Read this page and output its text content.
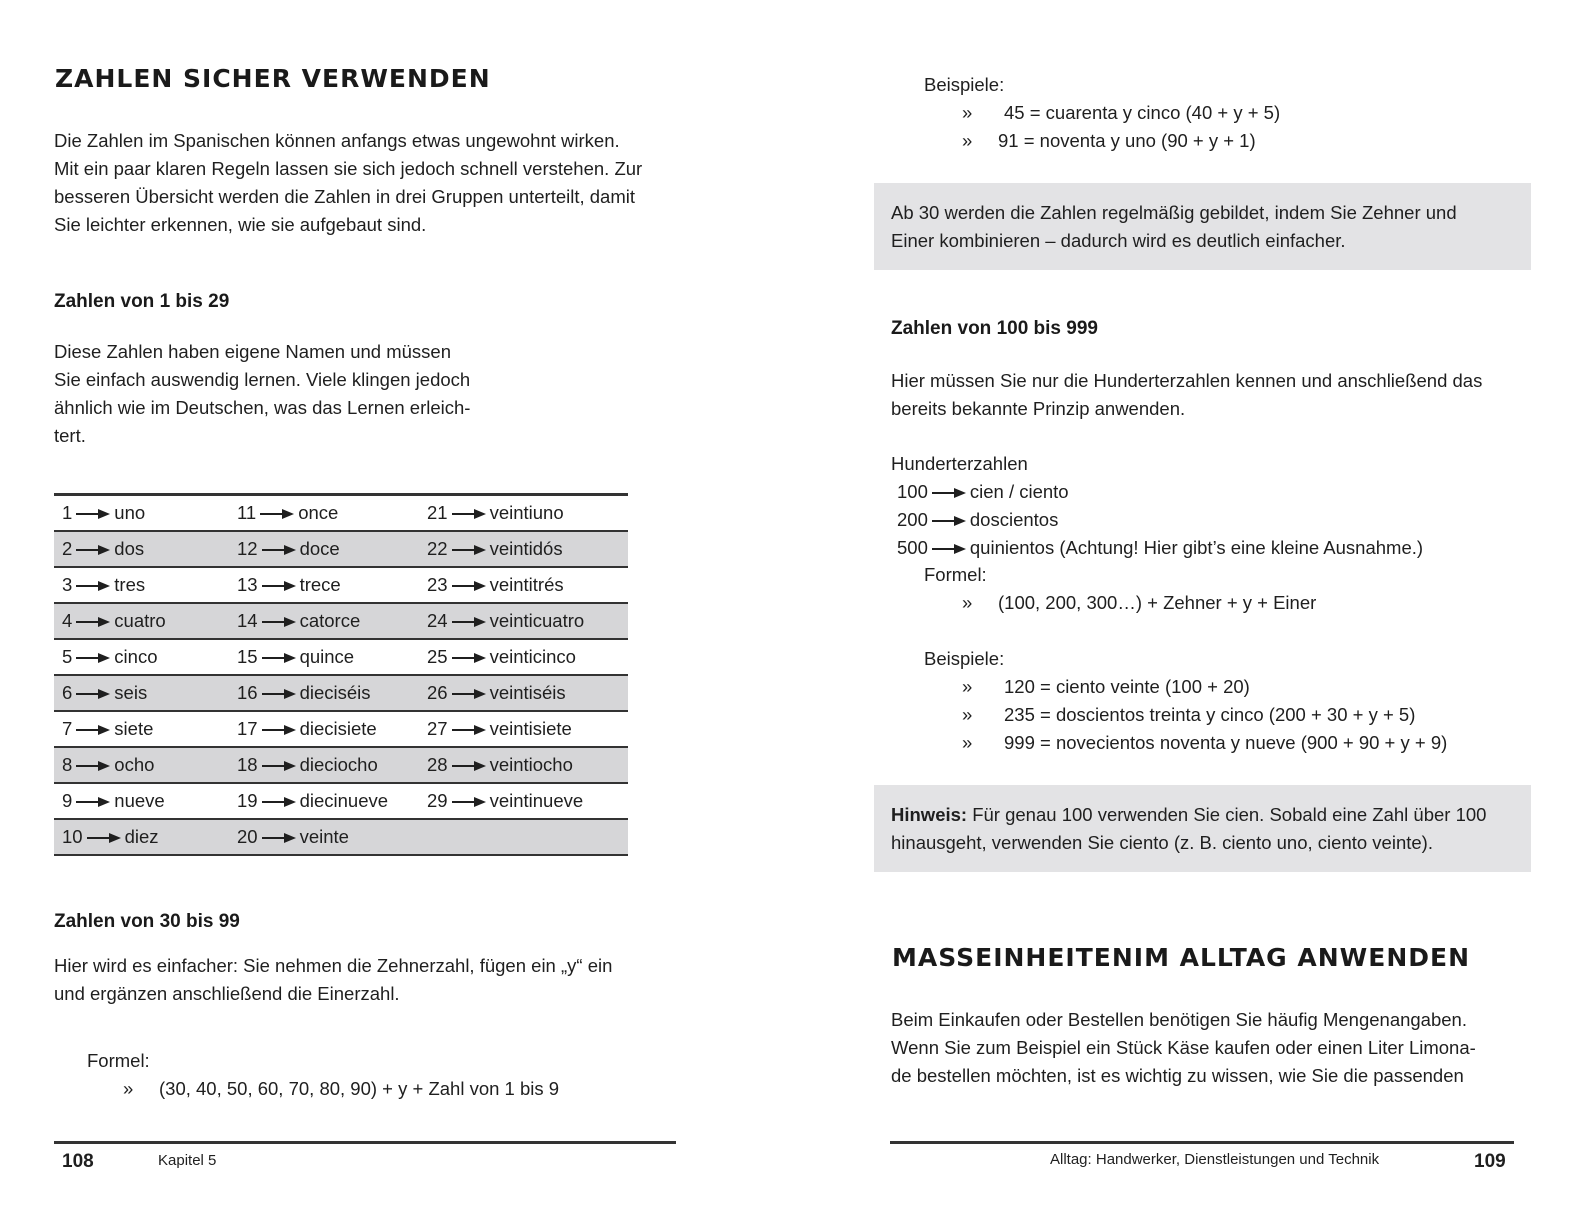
ZAHLEN SICHER VERWENDEN
Die Zahlen im Spanischen können anfangs etwas ungewohnt wirken.
Mit ein paar klaren Regeln lassen sie sich jedoch schnell verstehen. Zur
besseren Übersicht werden die Zahlen in drei Gruppen unterteilt, damit
Sie leichter erkennen, wie sie aufgebaut sind.
Zahlen von 1 bis 29
Diese Zahlen haben eigene Namen und müssen
Sie einfach auswendig lernen. Viele klingen jedoch
ähnlich wie im Deutschen, was das Lernen erleich-
tert.
1 uno	11 once	21 veintiuno
2 dos	12 doce	22 veintidós
3 tres	13 trece	23 veintitrés
4 cuatro	14 catorce	24 veinticuatro
5 cinco	15 quince	25 veinticinco
6 seis	16 dieciséis	26 veintiséis
7 siete	17 diecisiete	27 veintisiete
8 ocho	18 dieciocho	28 veintiocho
9 nueve	19 diecinueve	29 veintinueve
10 diez	20 veinte	
Zahlen von 30 bis 99
Hier wird es einfacher: Sie nehmen die Zehnerzahl, fügen ein „y“ ein
und ergänzen anschließend die Einerzahl.
Formel:
» (30, 40, 50, 60, 70, 80, 90) + y + Zahl von 1 bis 9
108	Kapitel 5
Beispiele:
» 45 = cuarenta y cinco (40 + y + 5)
» 91 = noventa y uno (90 + y + 1)
Ab 30 werden die Zahlen regelmäßig gebildet, indem Sie Zehner und
Einer kombinieren – dadurch wird es deutlich einfacher.
Zahlen von 100 bis 999
Hier müssen Sie nur die Hunderterzahlen kennen und anschließend das
bereits bekannte Prinzip anwenden.
Hunderterzahlen
100 cien / ciento
200 doscientos
500 quinientos (Achtung! Hier gibt’s eine kleine Ausnahme.)
Formel:
» (100, 200, 300…) + Zehner + y + Einer
Beispiele:
» 120 = ciento veinte (100 + 20)
» 235 = doscientos treinta y cinco (200 + 30 + y + 5)
» 999 = novecientos noventa y nueve (900 + 90 + y + 9)
Hinweis: Für genau 100 verwenden Sie cien. Sobald eine Zahl über 100
hinausgeht, verwenden Sie ciento (z. B. ciento uno, ciento veinte).
MASSEINHEITENIM ALLTAG ANWENDEN
Beim Einkaufen oder Bestellen benötigen Sie häufig Mengenangaben.
Wenn Sie zum Beispiel ein Stück Käse kaufen oder einen Liter Limona-
de bestellen möchten, ist es wichtig zu wissen, wie Sie die passenden
Alltag: Handwerker, Dienstleistungen und Technik	109
